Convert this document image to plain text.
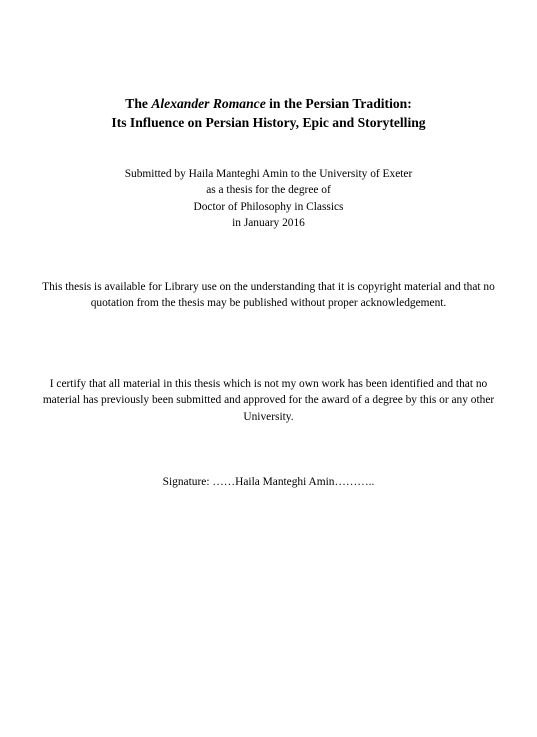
The Alexander Romance in the Persian Tradition:
Its Influence on Persian History, Epic and Storytelling
Submitted by Haila Manteghi Amin to the University of Exeter
as a thesis for the degree of
Doctor of Philosophy in Classics
in January 2016
This thesis is available for Library use on the understanding that it is copyright material and that no quotation from the thesis may be published without proper acknowledgement.
I certify that all material in this thesis which is not my own work has been identified and that no material has previously been submitted and approved for the award of a degree by this or any other University.
Signature: ……Haila Manteghi Amin………..
